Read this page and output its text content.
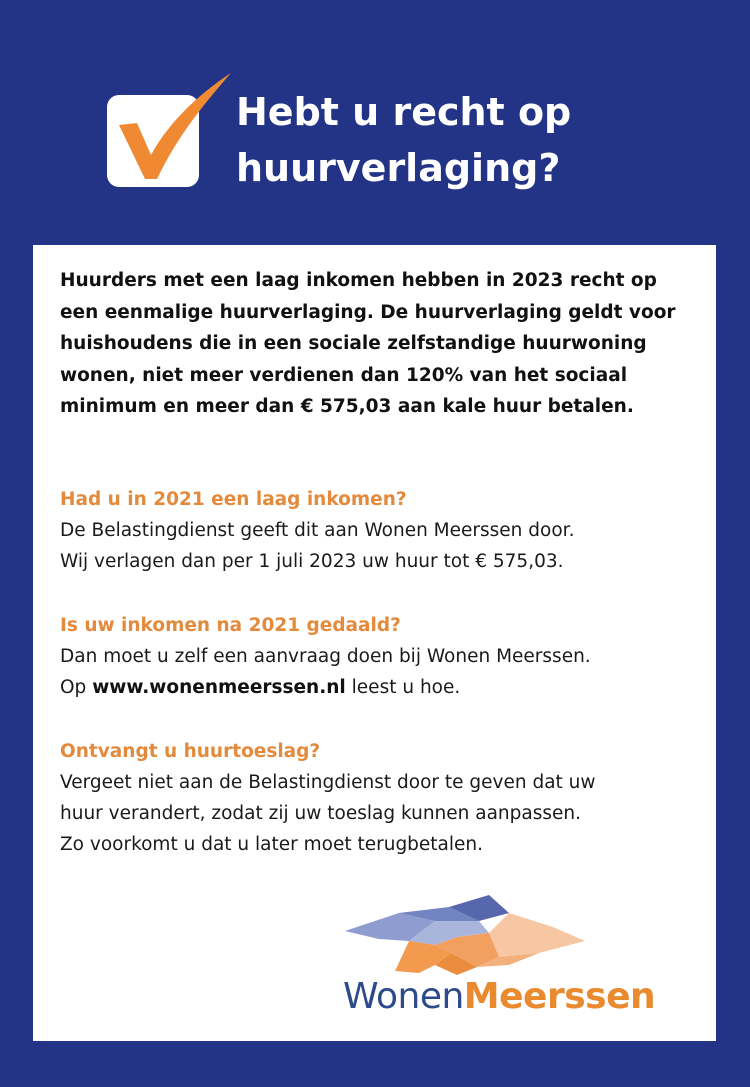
Hebt u recht op
huurverlaging?

Huurders met een laag inkomen hebben in 2023 recht op een eenmalige huurverlaging. De huurverlaging geldt voor huishoudens die in een sociale zelfstandige huurwoning wonen, niet meer verdienen dan 120% van het sociaal minimum en meer dan € 575,03 aan kale huur betalen.

Had u in 2021 een laag inkomen?

De Belastingdienst geeft dit aan Wonen Meerssen door.
Wij verlagen dan per 1 juli 2023 uw huur tot € 575,03.

Is uw inkomen na 2021 gedaald?

Dan moet u zelf een aanvraag doen bij Wonen Meerssen.
Op www.wonenmeerssen.nl leest u hoe.

Ontvangt u huurtoeslag?

Vergeet niet aan de Belastingdienst door te geven dat uw
huur verandert, zodat zij uw toeslag kunnen aanpassen.
Zo voorkomt u dat u later moet terugbetalen.

WonenMeerssen
